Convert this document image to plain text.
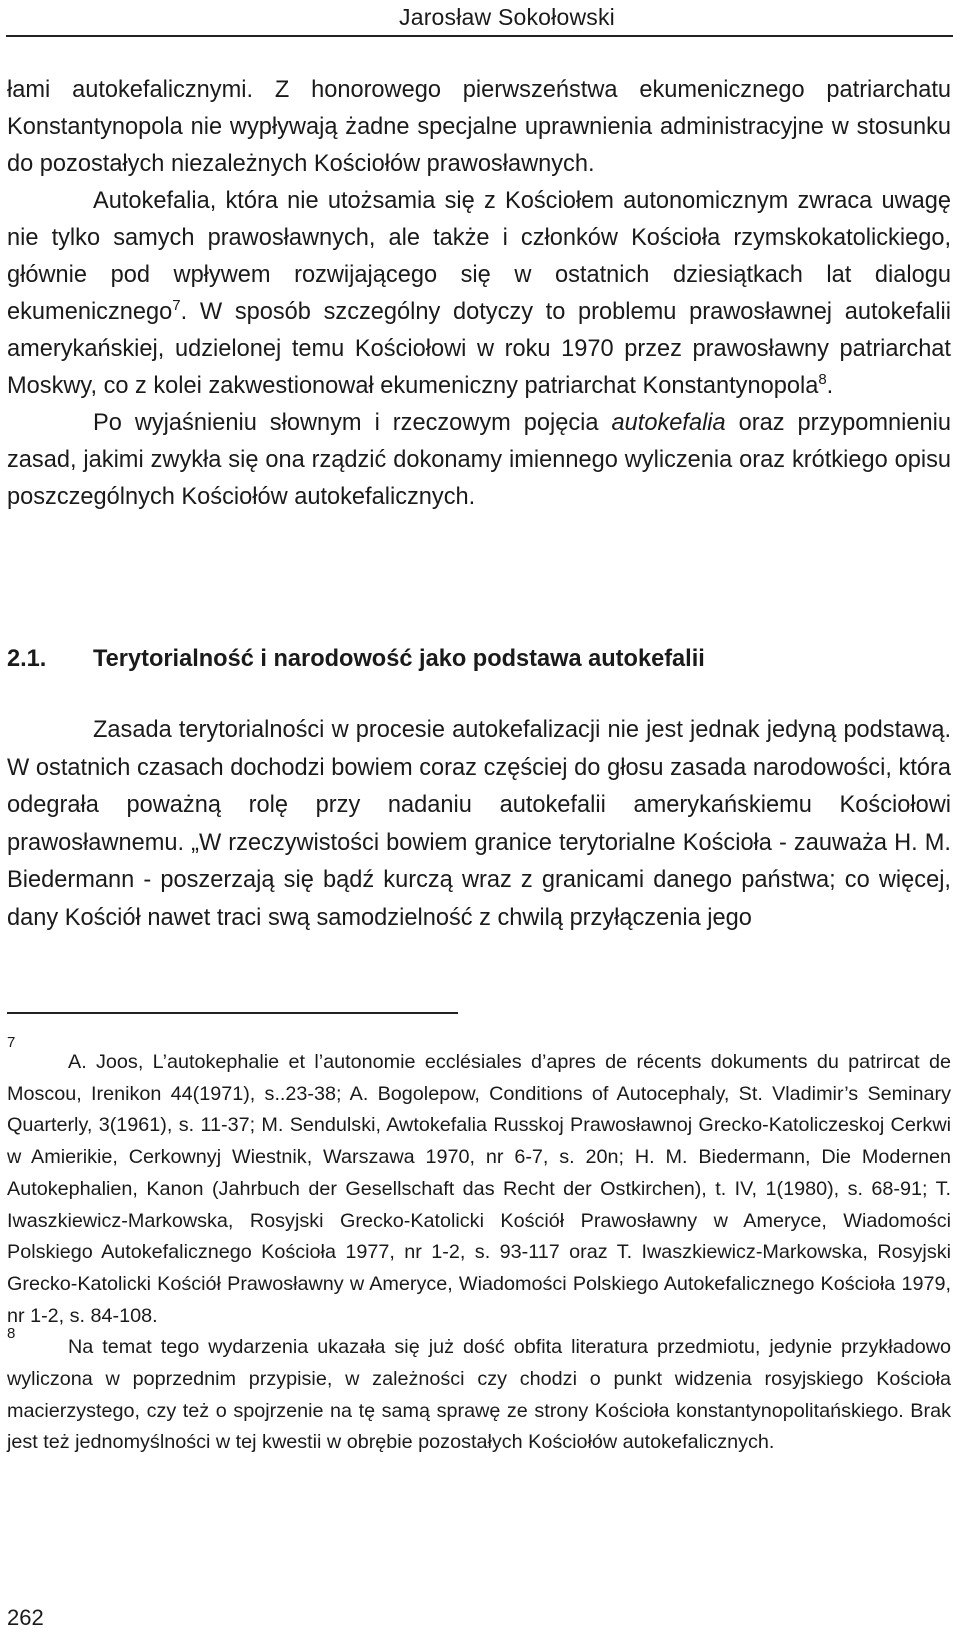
Jarosław Sokołowski

łami autokefalicznymi. Z honorowego pierwszeństwa ekumenicznego patriarchatu Konstantynopola nie wypływają żadne specjalne uprawnienia administracyjne w stosunku do pozostałych niezależnych Kościołów prawosławnych.

Autokefalia, która nie utożsamia się z Kościołem autonomicznym zwraca uwagę nie tylko samych prawosławnych, ale także i członków Kościoła rzymskokatolickiego, głównie pod wpływem rozwijającego się w ostatnich dziesiątkach lat dialogu ekumenicznego$^7$. W sposób szczególny dotyczy to problemu prawosławnej autokefalii amerykańskiej, udzielonej temu Kościołowi w roku 1970 przez prawosławny patriarchat Moskwy, co z kolei zakwestionował ekumeniczny patriarchat Konstantynopola$^8$.

Po wyjaśnieniu słownym i rzeczowym pojęcia autokefalia oraz przypomnieniu zasad, jakimi zwykła się ona rządzić dokonamy imiennego wyliczenia oraz krótkiego opisu poszczególnych Kościołów autokefalicznych.

2.1.	Terytorialność i narodowość jako podstawa autokefalii

Zasada terytorialności w procesie autokefalizacji nie jest jednak jedyną podstawą. W ostatnich czasach dochodzi bowiem coraz częściej do głosu zasada narodowości, która odegrała poważną rolę przy nadaniu autokefalii amerykańskiemu Kościołowi prawosławnemu. „W rzeczywistości bowiem granice terytorialne Kościoła - zauważa H. M. Biedermann - poszerzają się bądź kurczą wraz z granicami danego państwa; co więcej, dany Kościół nawet traci swą samodzielność z chwilą przyłączenia jego

7
A. Joos, L’autokephalie et l’autonomie ecclésiales d’apres de récents dokuments du patrircat de Moscou, Irenikon 44(1971), s..23-38; A. Bogolepow, Conditions of Autocephaly, St. Vladimir’s Seminary Quarterly, 3(1961), s. 11-37; M. Sendulski, Awtokefalia Russkoj Prawosławnoj Grecko-Katoliczeskoj Cerkwi w Amierikie, Cerkownyj Wiestnik, Warszawa 1970, nr 6-7, s. 20n; H. M. Biedermann, Die Modernen Autokephalien, Kanon (Jahrbuch der Gesellschaft das Recht der Ostkirchen), t. IV, 1(1980), s. 68-91; T. Iwaszkiewicz-Markowska, Rosyjski Grecko-Katolicki Kościół Prawosławny w Ameryce, Wiadomości Polskiego Autokefalicznego Kościoła 1977, nr 1-2, s. 93-117 oraz T. Iwaszkiewicz-Markowska, Rosyjski Grecko-Katolicki Kościół Prawosławny w Ameryce, Wiadomości Polskiego Autokefalicznego Kościoła 1979, nr 1-2, s. 84-108.

8
Na temat tego wydarzenia ukazała się już dość obfita literatura przedmiotu, jedynie przykładowo wyliczona w poprzednim przypisie, w zależności czy chodzi o punkt widzenia rosyjskiego Kościoła macierzystego, czy też o spojrzenie na tę samą sprawę ze strony Kościoła konstantynopolitańskiego. Brak jest też jednomyślności w tej kwestii w obrębie pozostałych Kościołów autokefalicznych.

262
